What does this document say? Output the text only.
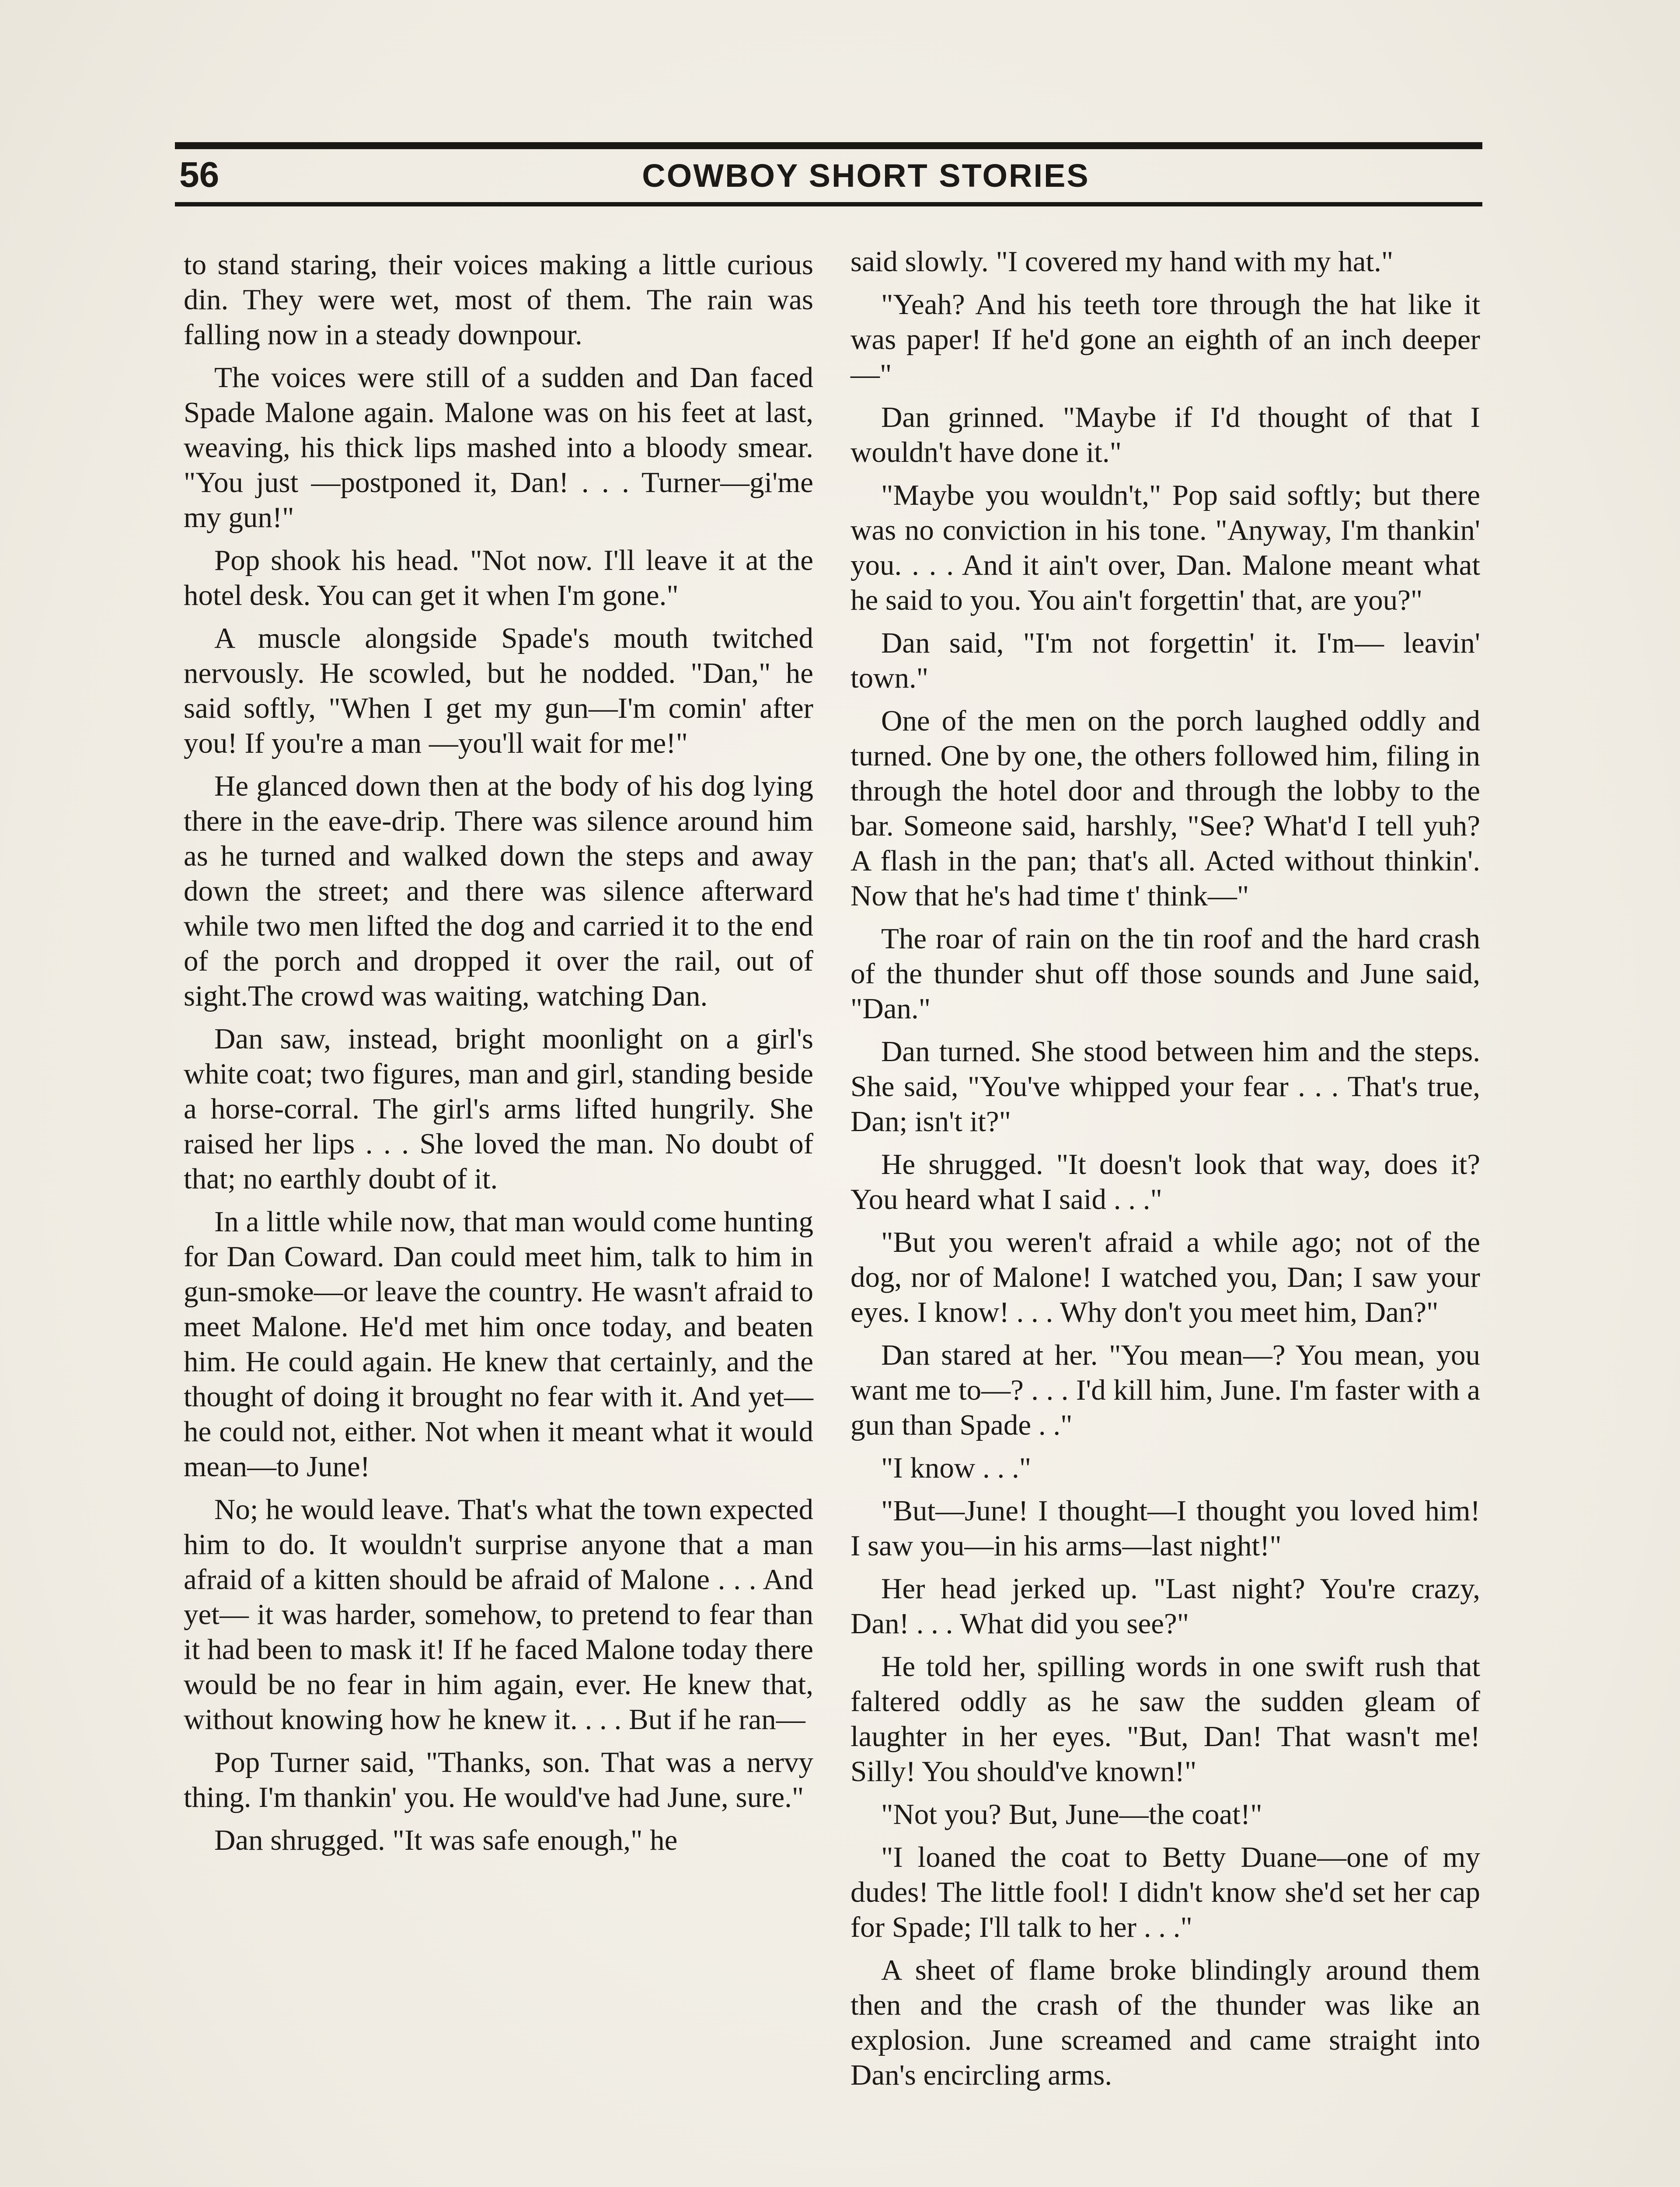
56	COWBOY SHORT STORIES

to stand staring, their voices making a little curious din. They were wet, most of them. The rain was falling now in a steady downpour.

The voices were still of a sudden and Dan faced Spade Malone again. Malone was on his feet at last, weaving, his thick lips mashed into a bloody smear. "You just —postponed it, Dan! . . . Turner—gi'me my gun!"

Pop shook his head. "Not now. I'll leave it at the hotel desk. You can get it when I'm gone."

A muscle alongside Spade's mouth twitched nervously. He scowled, but he nodded. "Dan," he said softly, "When I get my gun—I'm comin' after you! If you're a man —you'll wait for me!"

He glanced down then at the body of his dog lying there in the eave-drip. There was silence around him as he turned and walked down the steps and away down the street; and there was silence afterward while two men lifted the dog and carried it to the end of the porch and dropped it over the rail, out of sight.The crowd was waiting, watching Dan.

Dan saw, instead, bright moonlight on a girl's white coat; two figures, man and girl, standing beside a horse-corral. The girl's arms lifted hungrily. She raised her lips . . . She loved the man. No doubt of that; no earthly doubt of it.

In a little while now, that man would come hunting for Dan Coward. Dan could meet him, talk to him in gun-smoke—or leave the country. He wasn't afraid to meet Malone. He'd met him once today, and beaten him. He could again. He knew that certainly, and the thought of doing it brought no fear with it. And yet—he could not, either. Not when it meant what it would mean—to June!

No; he would leave. That's what the town expected him to do. It wouldn't surprise anyone that a man afraid of a kitten should be afraid of Malone . . . And yet— it was harder, somehow, to pretend to fear than it had been to mask it! If he faced Malone today there would be no fear in him again, ever. He knew that, without knowing how he knew it. . . . But if he ran—

Pop Turner said, "Thanks, son. That was a nervy thing. I'm thankin' you. He would've had June, sure."

Dan shrugged. "It was safe enough," he

said slowly. "I covered my hand with my hat."

"Yeah? And his teeth tore through the hat like it was paper! If he'd gone an eighth of an inch deeper—"

Dan grinned. "Maybe if I'd thought of that I wouldn't have done it."

"Maybe you wouldn't," Pop said softly; but there was no conviction in his tone. "Anyway, I'm thankin' you. . . . And it ain't over, Dan. Malone meant what he said to you. You ain't forgettin' that, are you?"

Dan said, "I'm not forgettin' it. I'm— leavin' town."

One of the men on the porch laughed oddly and turned. One by one, the others followed him, filing in through the hotel door and through the lobby to the bar. Someone said, harshly, "See? What'd I tell yuh? A flash in the pan; that's all. Acted without thinkin'. Now that he's had time t' think—"

The roar of rain on the tin roof and the hard crash of the thunder shut off those sounds and June said, "Dan."

Dan turned. She stood between him and the steps. She said, "You've whipped your fear . . . That's true, Dan; isn't it?"

He shrugged. "It doesn't look that way, does it? You heard what I said . . ."

"But you weren't afraid a while ago; not of the dog, nor of Malone! I watched you, Dan; I saw your eyes. I know! . . . Why don't you meet him, Dan?"

Dan stared at her. "You mean—? You mean, you want me to—? . . . I'd kill him, June. I'm faster with a gun than Spade . ."

"I know . . ."

"But—June! I thought—I thought you loved him! I saw you—in his arms—last night!"

Her head jerked up. "Last night? You're crazy, Dan! . . . What did you see?"

He told her, spilling words in one swift rush that faltered oddly as he saw the sudden gleam of laughter in her eyes. "But, Dan! That wasn't me! Silly! You should've known!"

"Not you? But, June—the coat!"

"I loaned the coat to Betty Duane—one of my dudes! The little fool! I didn't know she'd set her cap for Spade; I'll talk to her . . ."

A sheet of flame broke blindingly around them then and the crash of the thunder was like an explosion. June screamed and came straight into Dan's encircling arms.
